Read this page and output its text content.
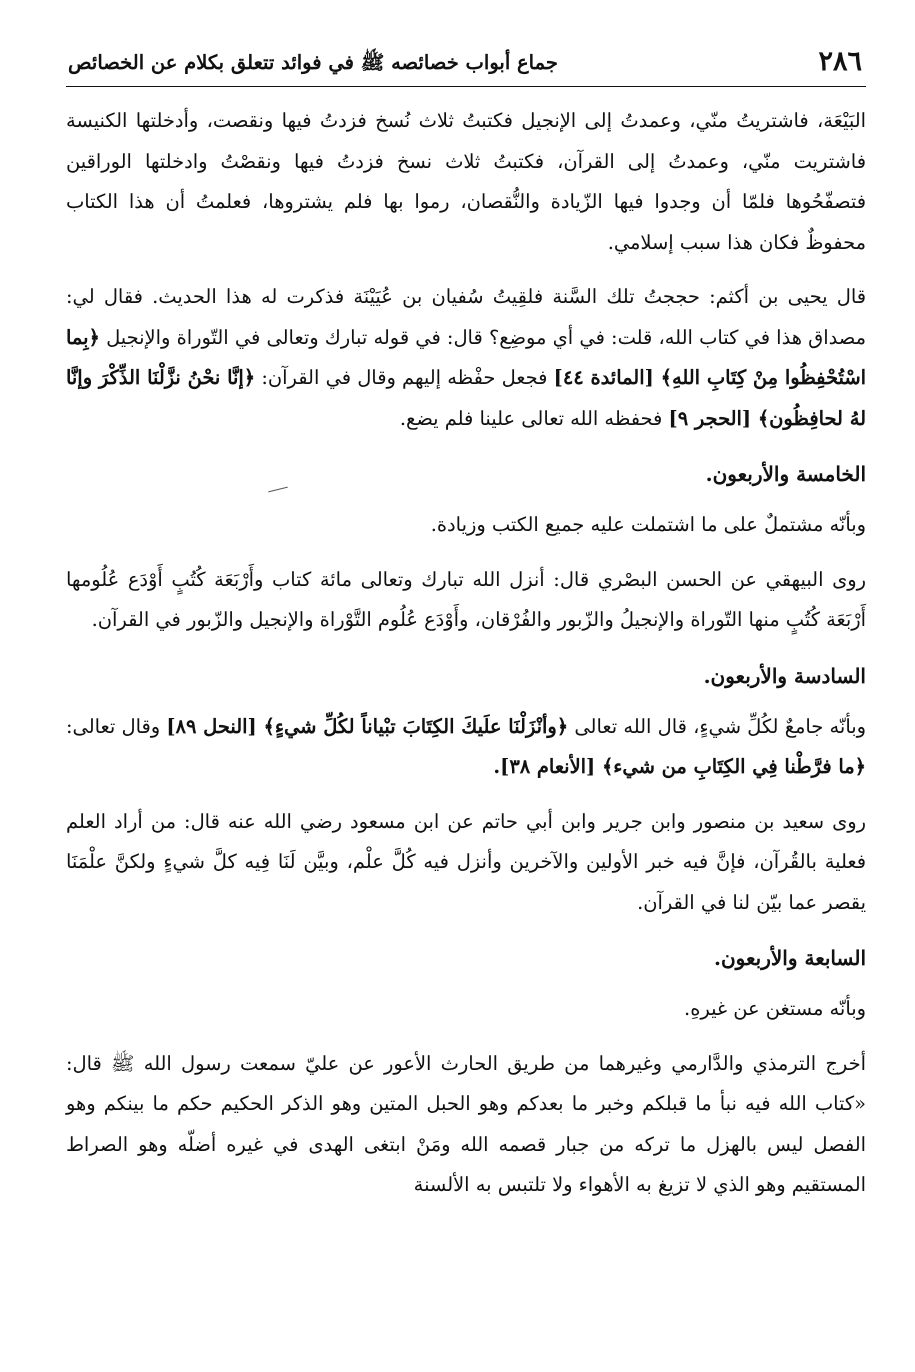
٢٨٦
جماع أبواب خصائصه ﷺ في فوائد تتعلق بكلام عن الخصائص

البَيْعَة، فاشتريتُ منّي، وعمدتُ إلى الإنجيل فكتبتُ ثلاث نُسخ فزدتُ فيها ونقصت، وأدخلتها الكنيسة فاشتريت منّي، وعمدتُ إلى القرآن، فكتبتُ ثلاث نسخ فزدتُ فيها ونقصْتُ وادخلتها الوراقين فتصفّحُوها فلمّا أن وجدوا فيها الزّيادة والنُّقصان، رموا بها فلم يشتروها، فعلمتُ أن هذا الكتاب محفوظٌ فكان هذا سبب إسلامي.

قال يحيى بن أكثم: حججتُ تلك السَّنة فلقِيتُ سُفيان بن عُيَيْنَة فذكرت له هذا الحديث. فقال لي: مصداق هذا في كتاب الله، قلت: في أي موضِع؟ قال: في قوله تبارك وتعالى في التّوراة والإنجيل ﴿بِما اسْتُحْفِظُوا مِنْ كِتَابِ اللهِ﴾ [المائدة ٤٤] فجعل حفْظه إليهم وقال في القرآن: ﴿إنَّا نحْنُ نزَّلْنَا الذِّكْرَ وإنَّا لهُ لحافِظُون﴾ [الحجر ٩] فحفظه الله تعالى علينا فلم يضع.

الخامسة والأربعون.

وبأنّه مشتملٌ على ما اشتملت عليه جميع الكتب وزيادة.

روى البيهقي عن الحسن البصْري قال: أنزل الله تبارك وتعالى مائة كتاب وأَرْبَعَة كُتُبٍ أَوْدَع عُلُومها أَرْبَعَة كُتُبٍ منها التّوراة والإنجيلُ والزّبور والفُرْقان، وأَوْدَع عُلُوم التَّوْراة والإنجيل والزّبور في القرآن.

السادسة والأربعون.

وبأنّه جامعٌ لكُلِّ شيءٍ، قال الله تعالى ﴿وأنْزَلْنَا علَيكَ الكِتَابَ تبْياناً لكُلِّ شيءٍ﴾ [النحل ٨٩] وقال تعالى: ﴿ما فرَّطْنا فِي الكِتَابِ من شيء﴾ [الأنعام ٣٨].

روى سعيد بن منصور وابن جرير وابن أبي حاتم عن ابن مسعود رضي الله عنه قال: من أراد العلم فعلية بالقُرآن، فإنَّ فيه خبر الأولين والآخرين وأنزل فيه كُلَّ علْم، وبيَّن لَنَا فِيه كلَّ شيءٍ ولكنَّ علْمَنَا يقصر عما بيّن لنا في القرآن.

السابعة والأربعون.

وبأنّه مستغن عن غيرهِ.

أخرج الترمذي والدَّارمي وغيرهما من طريق الحارث الأعور عن عليّ سمعت رسول الله ﷺ قال: «كتاب الله فيه نبأ ما قبلكم وخبر ما بعدكم وهو الحبل المتين وهو الذكر الحكيم حكم ما بينكم وهو الفصل ليس بالهزل ما تركه من جبار قصمه الله ومَنْ ابتغى الهدى في غيره أضلّه وهو الصراط المستقيم وهو الذي لا تزيغ به الأهواء ولا تلتبس به الألسنة
